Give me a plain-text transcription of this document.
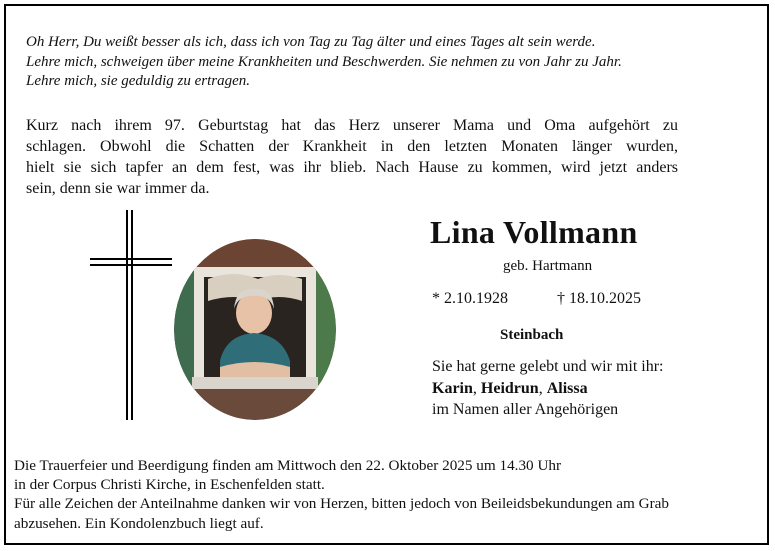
Oh Herr, Du weißt besser als ich, dass ich von Tag zu Tag älter und eines Tages alt sein werde.

Lehre mich, schweigen über meine Krankheiten und Beschwerden. Sie nehmen zu von Jahr zu Jahr.

Lehre mich, sie geduldig zu ertragen.

Kurz nach ihrem 97. Geburtstag hat das Herz unserer Mama und Oma aufgehört zu
schlagen. Obwohl die Schatten der Krankheit in den letzten Monaten länger wurden,
hielt sie sich tapfer an dem fest, was ihr blieb. Nach Hause zu kommen, wird jetzt anders
sein, denn sie war immer da.
Lina Vollmann
geb. Hartmann
* 2.10.1928	† 18.10.2025
Steinbach
Sie hat gerne gelebt und wir mit ihr:
Karin, Heidrun, Alissa
im Namen aller Angehörigen

Die Trauerfeier und Beerdigung finden am Mittwoch den 22. Oktober 2025 um 14.30 Uhr

in der Corpus Christi Kirche, in Eschenfelden statt.

Für alle Zeichen der Anteilnahme danken wir von Herzen, bitten jedoch von Beileidsbekundungen am Grab

abzusehen. Ein Kondolenzbuch liegt auf.
